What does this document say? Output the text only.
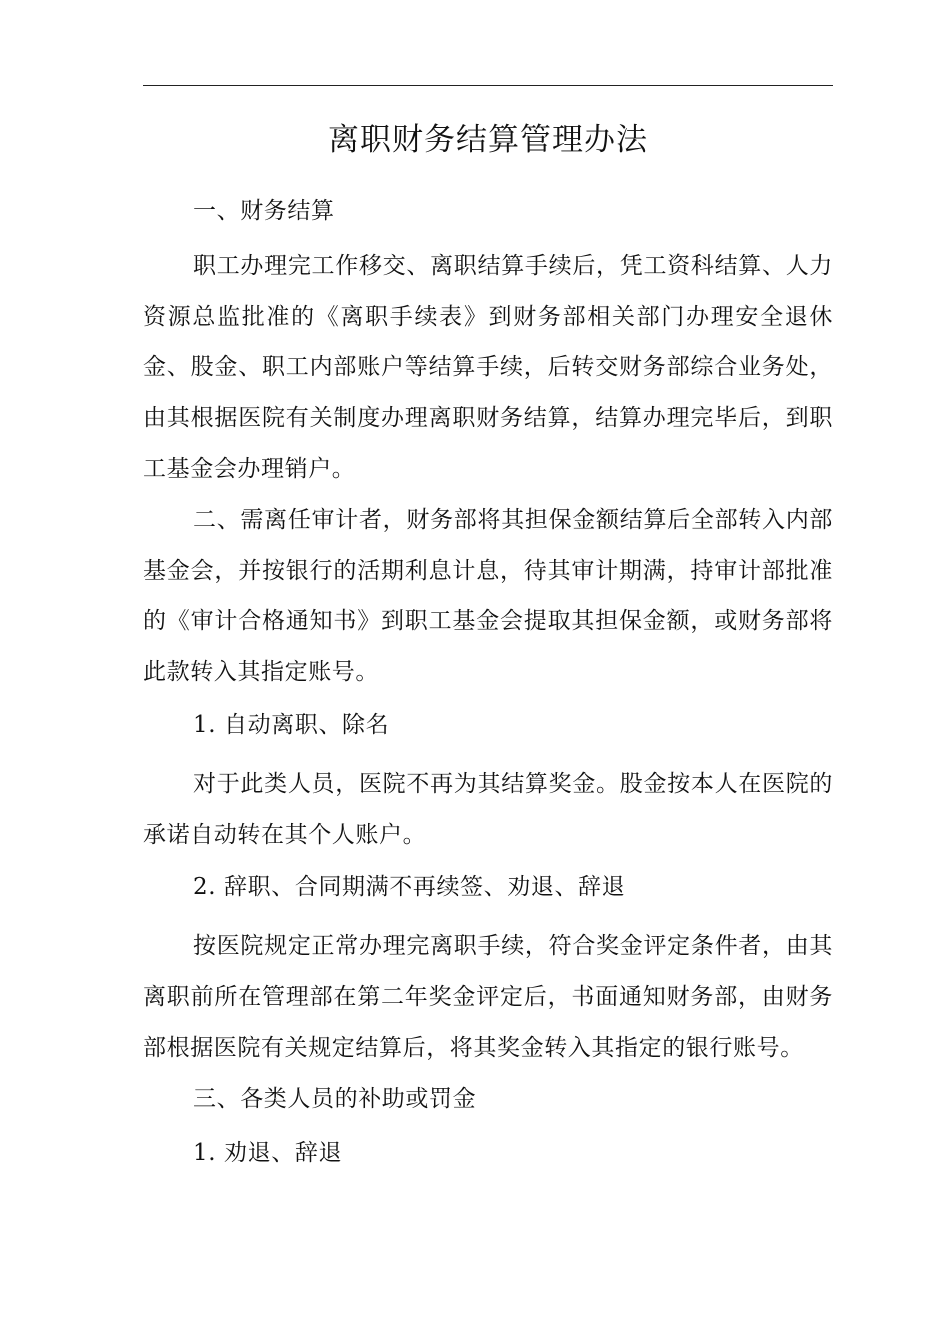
离职财务结算管理办法

一、财务结算

职工办理完工作移交、离职结算手续后，凭工资科结算、人力资源总监批准的《离职手续表》到财务部相关部门办理安全退休金、股金、职工内部账户等结算手续，后转交财务部综合业务处，由其根据医院有关制度办理离职财务结算，结算办理完毕后，到职工基金会办理销户。

二、需离任审计者，财务部将其担保金额结算后全部转入内部基金会，并按银行的活期利息计息，待其审计期满，持审计部批准的《审计合格通知书》到职工基金会提取其担保金额，或财务部将此款转入其指定账号。

1. 自动离职、除名

对于此类人员，医院不再为其结算奖金。股金按本人在医院的承诺自动转在其个人账户。

2. 辞职、合同期满不再续签、劝退、辞退

按医院规定正常办理完离职手续，符合奖金评定条件者，由其离职前所在管理部在第二年奖金评定后，书面通知财务部，由财务部根据医院有关规定结算后，将其奖金转入其指定的银行账号。

三、各类人员的补助或罚金

1. 劝退、辞退
